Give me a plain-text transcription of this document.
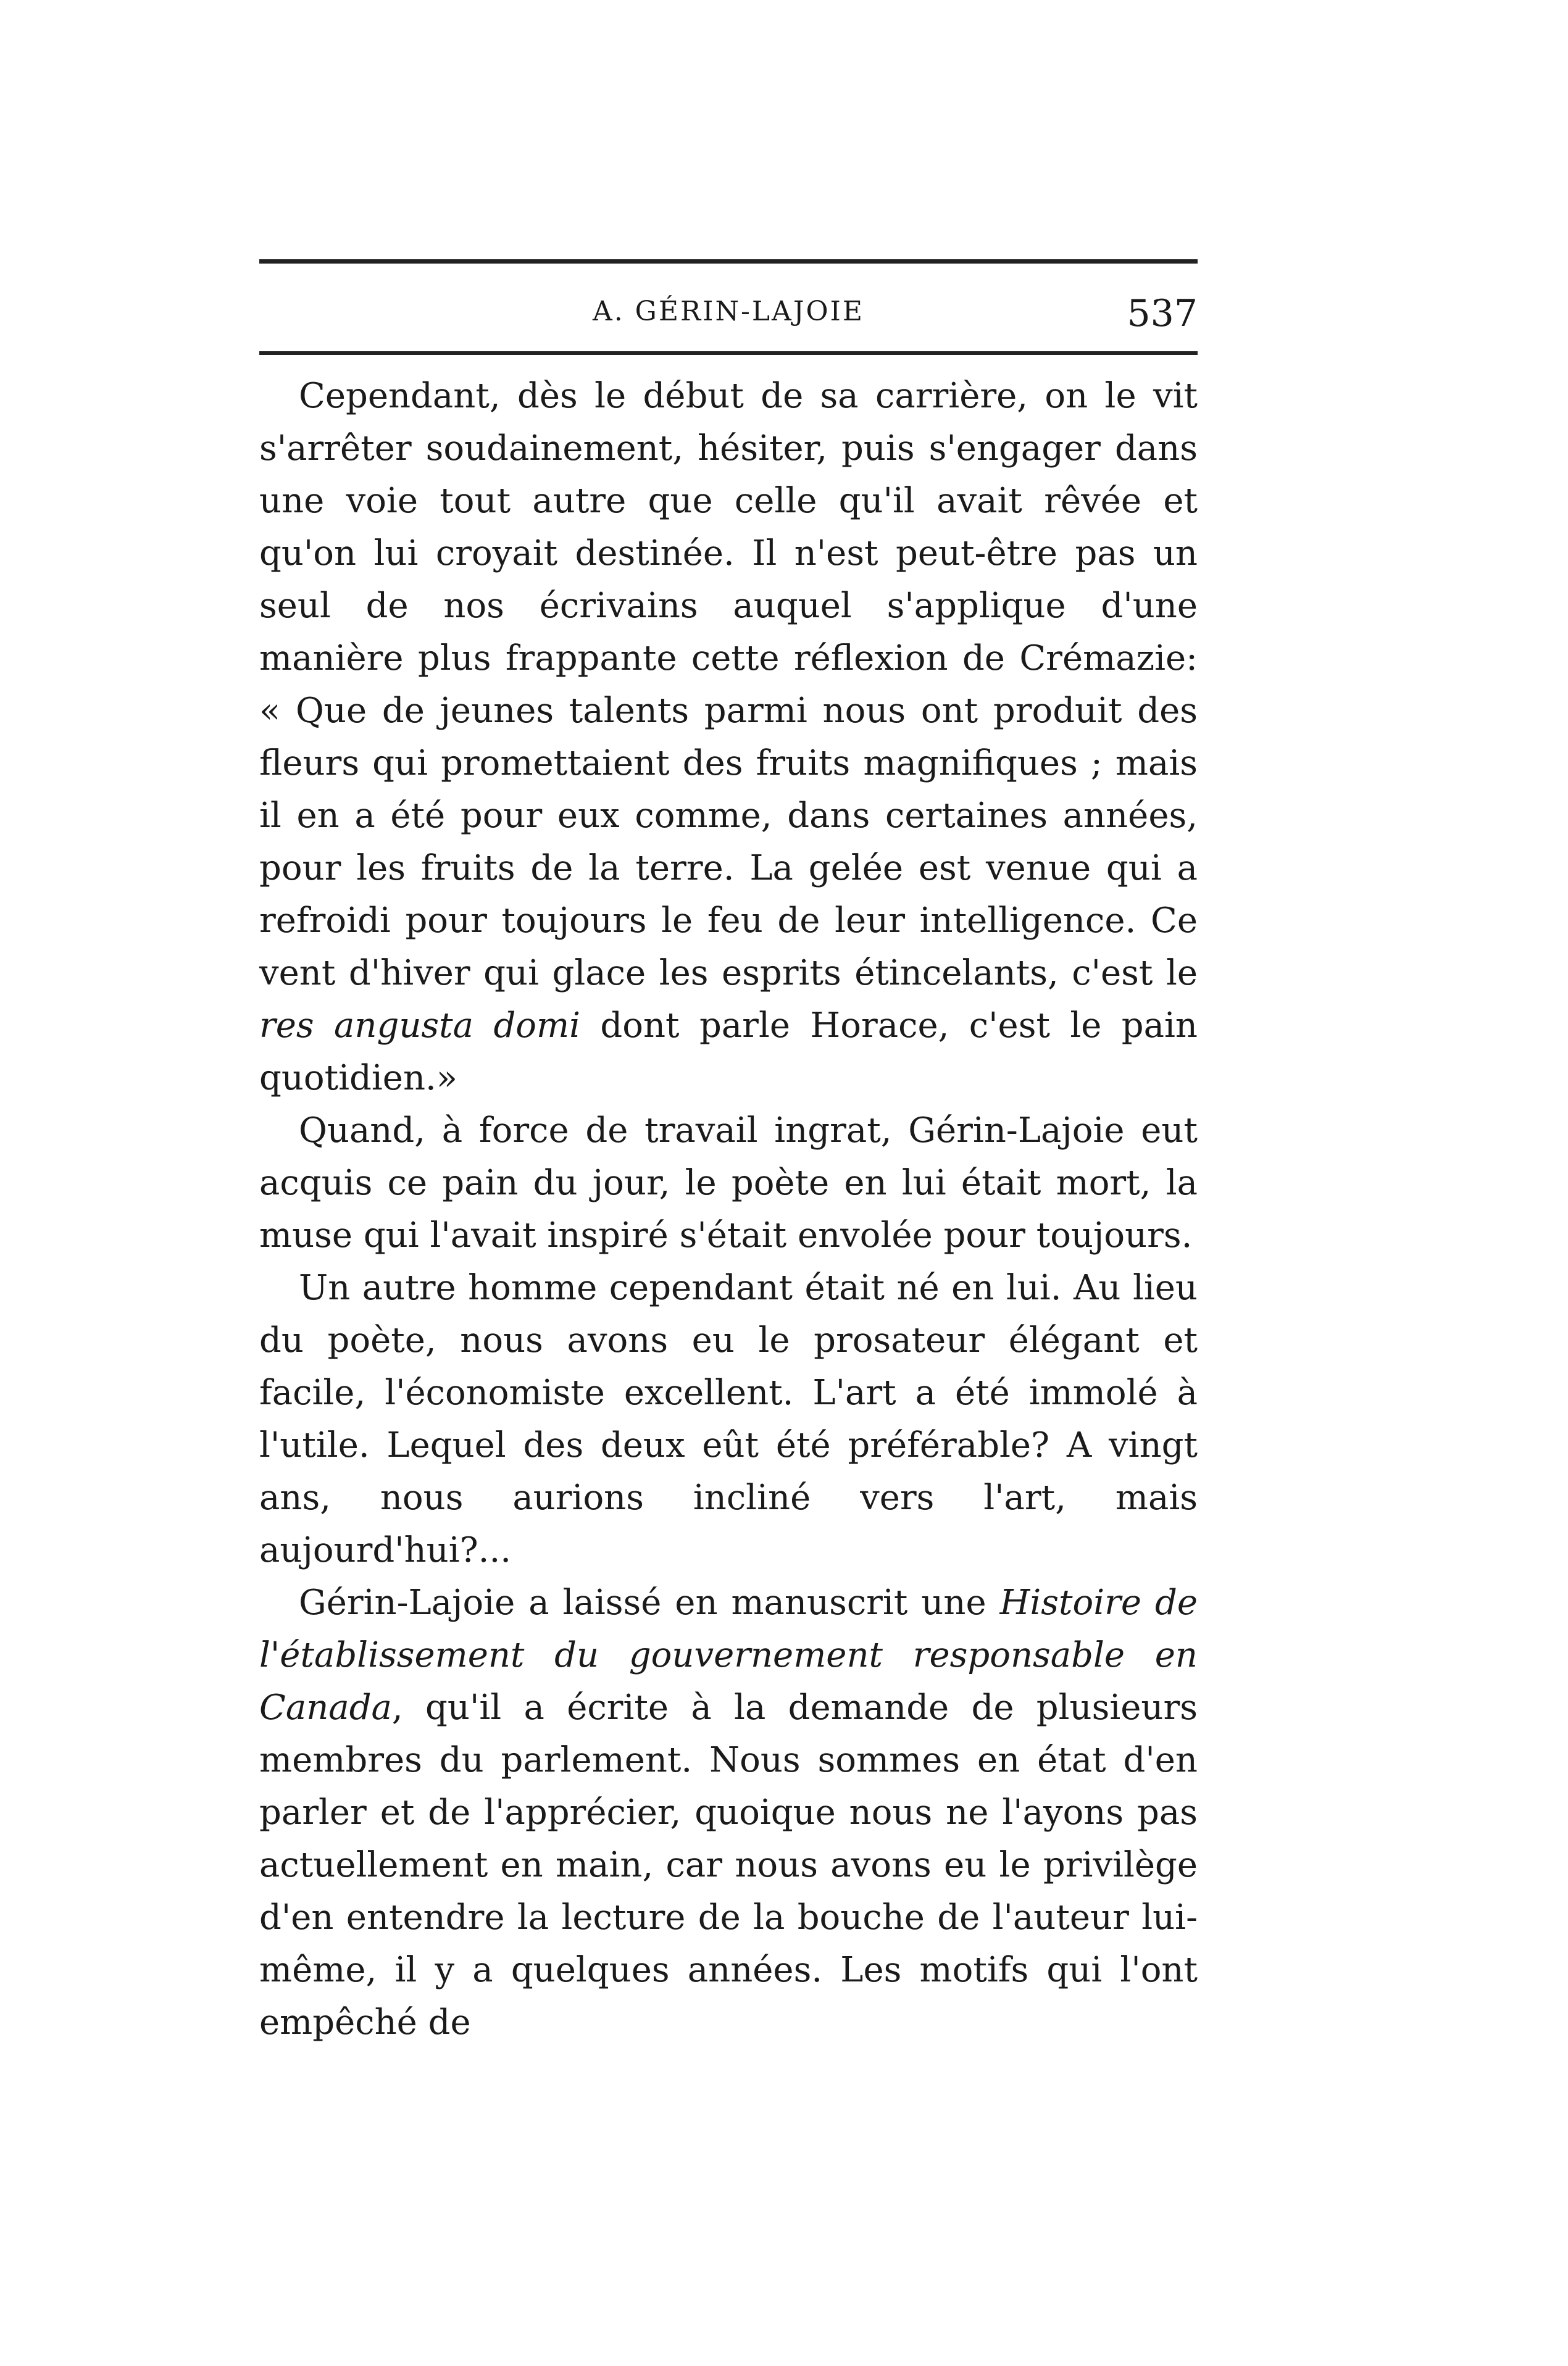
A. GÉRIN-LAJOIE	537

Cependant, dès le début de sa carrière, on le vit s'arrêter soudainement, hésiter, puis s'engager dans une voie tout autre que celle qu'il avait rêvée et qu'on lui croyait destinée. Il n'est peut-être pas un seul de nos écrivains auquel s'applique d'une manière plus frappante cette réflexion de Crémazie: « Que de jeunes talents parmi nous ont produit des fleurs qui promettaient des fruits magnifiques ; mais il en a été pour eux comme, dans certaines années, pour les fruits de la terre. La gelée est venue qui a refroidi pour toujours le feu de leur intelligence. Ce vent d'hiver qui glace les esprits étincelants, c'est le res angusta domi dont parle Horace, c'est le pain quotidien.»

Quand, à force de travail ingrat, Gérin-Lajoie eut acquis ce pain du jour, le poète en lui était mort, la muse qui l'avait inspiré s'était envolée pour toujours.

Un autre homme cependant était né en lui. Au lieu du poète, nous avons eu le prosateur élégant et facile, l'économiste excellent. L'art a été immolé à l'utile. Lequel des deux eût été préférable? A vingt ans, nous aurions incliné vers l'art, mais aujourd'hui?...

Gérin-Lajoie a laissé en manuscrit une Histoire de l'établissement du gouvernement responsable en Canada, qu'il a écrite à la demande de plusieurs membres du parlement. Nous sommes en état d'en parler et de l'apprécier, quoique nous ne l'ayons pas actuellement en main, car nous avons eu le privilège d'en entendre la lecture de la bouche de l'auteur lui-même, il y a quelques années. Les motifs qui l'ont empêché de
